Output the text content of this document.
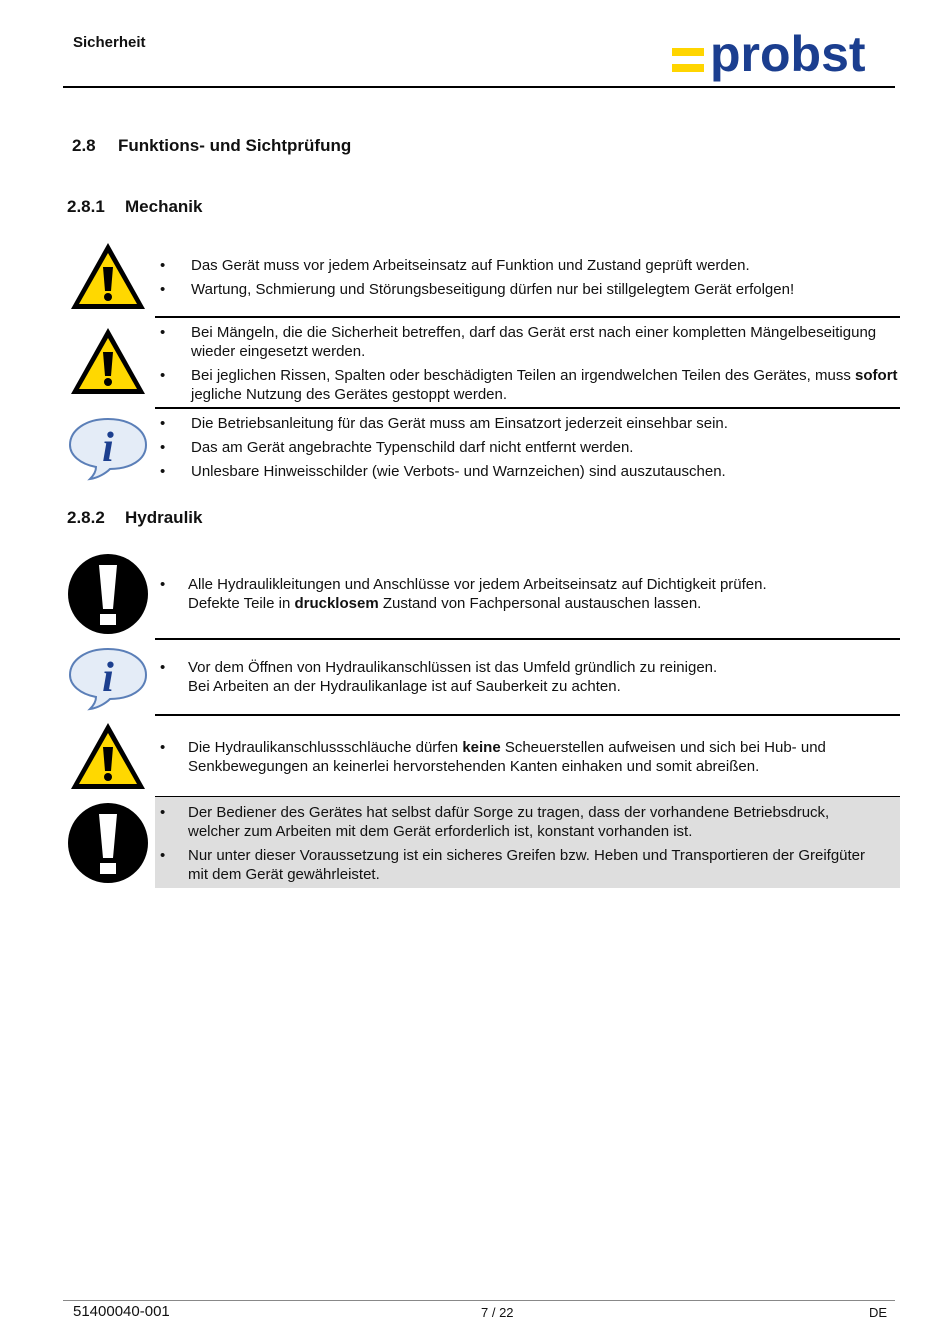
Sicherheit	probst
2.8 Funktions- und Sichtprüfung
2.8.1 Mechanik
• Das Gerät muss vor jedem Arbeitseinsatz auf Funktion und Zustand geprüft werden.
• Wartung, Schmierung und Störungsbeseitigung dürfen nur bei stillgelegtem Gerät erfolgen!
• Bei Mängeln, die die Sicherheit betreffen, darf das Gerät erst nach einer kompletten Mängelbeseitigung wieder eingesetzt werden.
• Bei jeglichen Rissen, Spalten oder beschädigten Teilen an irgendwelchen Teilen des Gerätes, muss sofort jegliche Nutzung des Gerätes gestoppt werden.
i
• Die Betriebsanleitung für das Gerät muss am Einsatzort jederzeit einsehbar sein.
• Das am Gerät angebrachte Typenschild darf nicht entfernt werden.
• Unlesbare Hinweisschilder (wie Verbots- und Warnzeichen) sind auszutauschen.
2.8.2 Hydraulik
• Alle Hydraulikleitungen und Anschlüsse vor jedem Arbeitseinsatz auf Dichtigkeit prüfen.
Defekte Teile in drucklosem Zustand von Fachpersonal austauschen lassen.
i	• Vor dem Öffnen von Hydraulikanschlüssen ist das Umfeld gründlich zu reinigen.
Bei Arbeiten an der Hydraulikanlage ist auf Sauberkeit zu achten.
• Die Hydraulikanschlussschläuche dürfen keine Scheuerstellen aufweisen und sich bei Hub- und Senkbewegungen an keinerlei hervorstehenden Kanten einhaken und somit abreißen.
• Der Bediener des Gerätes hat selbst dafür Sorge zu tragen, dass der vorhandene Betriebsdruck, welcher zum Arbeiten mit dem Gerät erforderlich ist, konstant vorhanden ist.
• Nur unter dieser Voraussetzung ist ein sicheres Greifen bzw. Heben und Transportieren der Greifgüter mit dem Gerät gewährleistet.
51400040-001	7 / 22	DE
